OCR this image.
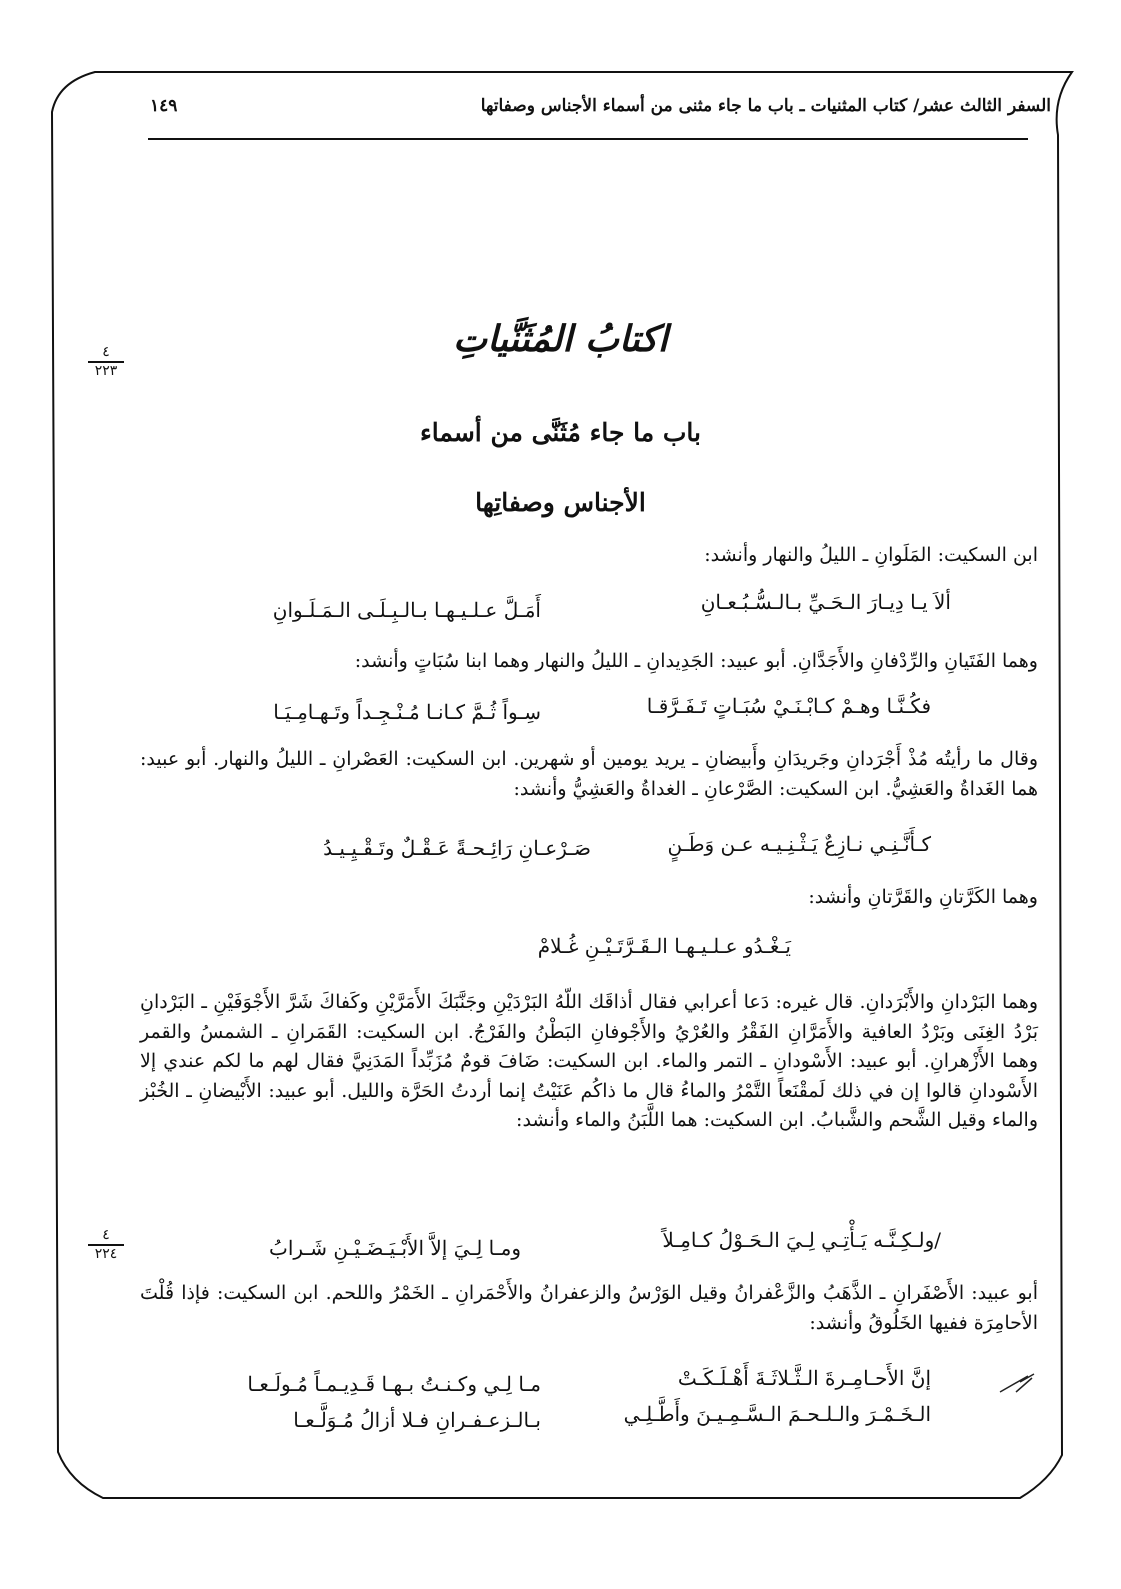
السفر الثالث عشر/ كتاب المثنيات ـ باب ما جاء مثنى من أسماء الأجناس وصفاتها
١٤٩
٤
٢٢٣
٤
٢٢٤
اكتابُ المُثَنَّياتِ
باب ما جاء مُثَنَّى من أسماء
الأجناس وصفاتِها

ابن السكيت: المَلَوانِ ـ الليلُ والنهار وأنشد:

ألاَ يـا دِيـارَ الـحَـيِّ بـالـسُّـبُـعـانِ
أَمَـلَّ عـلـيـهـا بـالـبِـلَـى الـمَـلَـوانِ

وهما الفَتَيانِ والرِّدْفانِ والأَجَدَّانِ. أبو عبيد: الجَدِيدانِ ـ الليلُ والنهار وهما ابنا سُبَاتٍ وأنشد:

فكُـنَّـا وهـمْ كـابْـنَـيْ سُبَـاتٍ تَـفَـرَّقـا
سِـواً ثُـمَّ كـانـا مُـنْـجِـداً وتَـهـامِـيَـا

وقال ما رأيتُه مُذْ أَجْرَدانِ وجَريدَانِ وأَبيضانِ ـ يريد يومين أو شهرين. ابن السكيت: العَصْرانِ ـ الليلُ والنهار. أبو عبيد: هما الغَداةُ والعَشِيُّ. ابن السكيت: الصَّرْعانِ ـ الغداةُ والعَشِيُّ وأنشد:

كـأَنَّـنِـي نـازِعٌ يَـثْـنِـيـه عـن وَطَـنٍ
صَـرْعـانِ رَائِـحـةً عَـقْـلٌ وتَـقْـيِـيـدُ

وهما الكَرَّتانِ والقَرَّتانِ وأنشد:

يَـغْـدُو عـلـيـهـا الـقَـرَّتَـيْـنِ غُـلامْ

وهما البَرْدانِ والأَبْرَدانِ. قال غيره: دَعا أعرابي فقال أذاقَك اللّهُ البَرْدَيْنِ وجَنَّبَكَ الأَمَرَّيْنِ وكَفاكَ شَرَّ الأَجْوَفَيْنِ ـ البَرْدانِ بَرْدُ الغِنَى وبَرْدُ العافية والأَمَرَّانِ الفَقْرُ والعُرْيُ والأَجْوفانِ البَطْنُ والفَرْجُ. ابن السكيت: القَمَرانِ ـ الشمسُ والقمر وهما الأَزْهرانِ. أبو عبيد: الأَسْودانِ ـ التمر والماء. ابن السكيت: ضَافَ قومٌ مُزَبِّداً المَدَنِيَّ فقال لهم ما لكم عندي إلا الأَسْودانِ قالوا إن في ذلك لَمقْنَعاً التَّمْرُ والماءُ قال ما ذاكُم عَنَيْتُ إنما أردتُ الحَرَّة والليل. أبو عبيد: الأَبْيضانِ ـ الخُبْز والماء وقيل الشَّحم والشَّبابُ. ابن السكيت: هما اللَّبَنُ والماء وأنشد:

/ولـكِـنَّـه يَـأْتِـي لِـيَ الـحَـوْلُ كـامِـلاً
ومـا لِـيَ إلاَّ الأَبْـيَـضَـيْـنِ شَـرابُ

أبو عبيد: الأَصْفَرانِ ـ الذَّهَبُ والزَّعْفرانُ وقيل الوَرْسُ والزعفرانُ والأَحْمَرانِ ـ الخَمْرُ واللحم. ابن السكيت: فإذا قُلْتَ الأحامِرَة ففيها الخَلُوقُ وأنشد:

إنَّ الأَحـامِـرةَ الـثَّـلاثَـةَ أَهْـلَـكَـتْ
مـا لِـي وكـنـتُ بـهـا قَـدِيـمـاً مُـولَـعـا
الـخَـمْـرَ والـلـحـمَ الـسَّـمِـيـنَ وأَطَّـلِـي
بـالـزعـفـرانِ فـلا أزالُ مُـوَلَّـعـا
